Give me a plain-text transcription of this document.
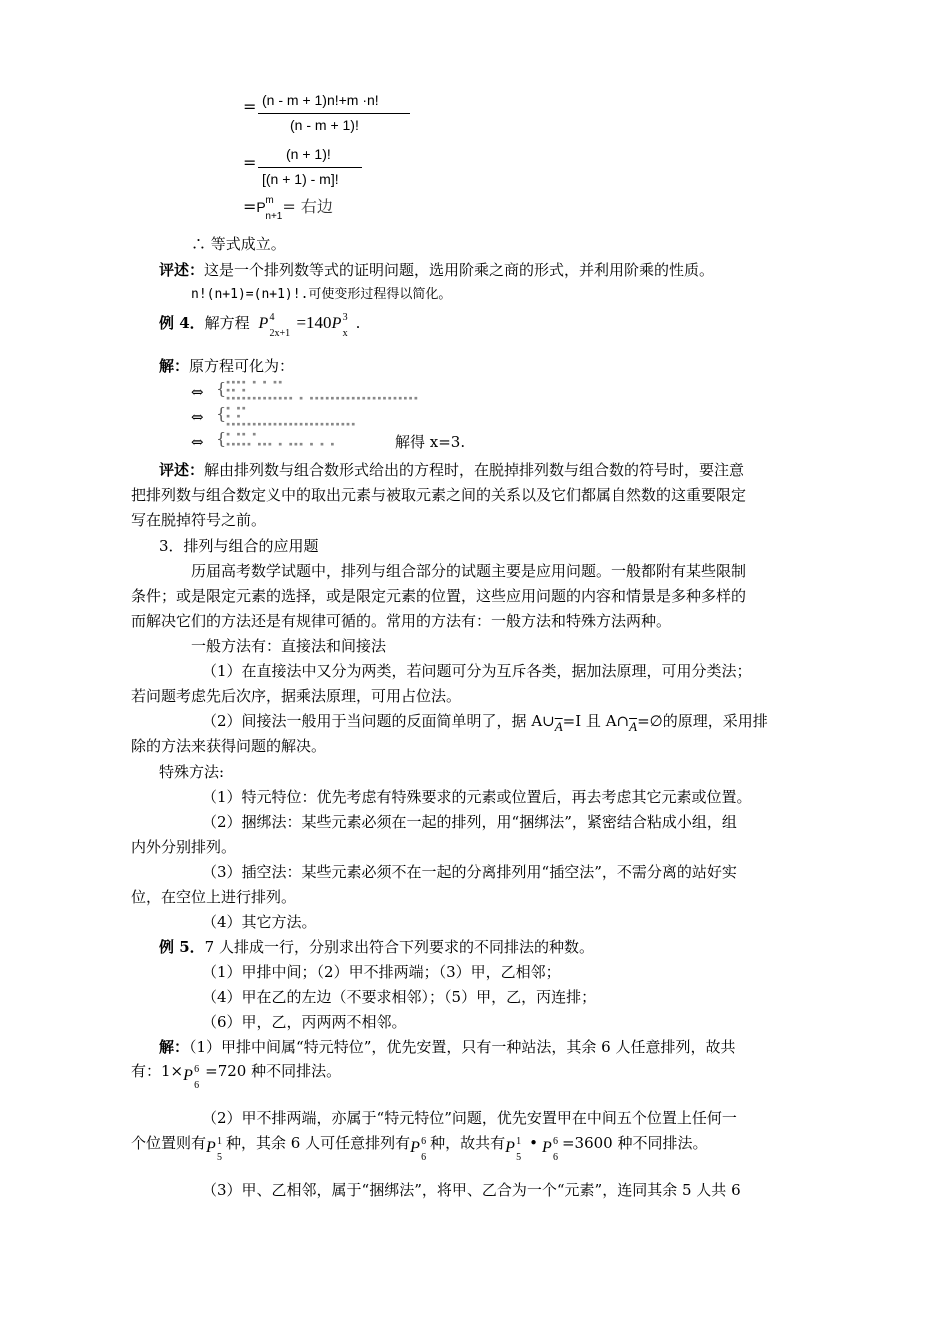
= (n - m + 1)n!+m ·n!
(n - m + 1)!
= (n + 1)!
[(n + 1) - m]!
=P m
n+1
= 右边
∴ 等式成立。
评述：这是一个排列数等式的证明问题，选用阶乘之商的形式，并利用阶乘的性质。
n!(n+1)=(n+1)!.可使变形过程得以简化。
例 4．解方程 P 4
2x+1
=140P 3
x
.
解：原方程可化为：
⇔ { ▪▪▪▪ ▪ ▪ ▪▪
▪▪ ▪
▪▪▪▪▪▪▪▪▪▪▪▪▪ ▪ ▪▪▪▪▪▪▪▪▪▪▪▪▪▪▪▪▪▪▪▪▪
⇔ { ▪ ▪▪
▪ ▪
▪▪▪▪▪▪▪▪▪▪▪▪▪▪▪▪▪▪▪▪▪▪▪▪▪
⇔ { ▪ ▪▪ ▪
▪▪▪▪▪ ▪▪▪ ▪ ▪▪▪ ▪ ▪ ▪	解得 x=3.
评述：解由排列数与组合数形式给出的方程时，在脱掉排列数与组合数的符号时，要注意
把排列数与组合数定义中的取出元素与被取元素之间的关系以及它们都属自然数的这重要限定
写在脱掉符号之前。
3．排列与组合的应用题
历届高考数学试题中，排列与组合部分的试题主要是应用问题。一般都附有某些限制
条件；或是限定元素的选择，或是限定元素的位置，这些应用问题的内容和情景是多种多样的
而解决它们的方法还是有规律可循的。常用的方法有：一般方法和特殊方法两种。
一般方法有：直接法和间接法
（1）在直接法中又分为两类，若问题可分为互斥各类，据加法原理，可用分类法；
若问题考虑先后次序，据乘法原理，可用占位法。
（2）间接法一般用于当问题的反面简单明了，据 $A\cup\overline{A}=I$ 且 $A\cap\overline{A}=\emptyset$的原理，采用排
除的方法来获得问题的解决。
特殊方法:
（1）特元特位：优先考虑有特殊要求的元素或位置后，再去考虑其它元素或位置。
（2）捆绑法：某些元素必须在一起的排列，用“捆绑法”，紧密结合粘成小组，组
内外分别排列。
（3）插空法：某些元素必须不在一起的分离排列用“插空法”，不需分离的站好实
位，在空位上进行排列。
（4）其它方法。
例 5．7 人排成一行，分别求出符合下列要求的不同排法的种数。
（1）甲排中间；（2）甲不排两端；（3）甲，乙相邻；
（4）甲在乙的左边（不要求相邻）；（5）甲，乙，丙连排；
（6）甲，乙，丙两两不相邻。
解：（1）甲排中间属“特元特位”，优先安置，只有一种站法，其余 6 人任意排列，故共
有：1×P 6
6
=720 种不同排法。
（2）甲不排两端，亦属于“特元特位”问题，优先安置甲在中间五个位置上任何一
个位置则有P 1
5
种，其余 6 人可任意排列有P 6
6
种，故共有P 1
5
• P 6
6
=3600 种不同排法。
（3）甲、乙相邻，属于“捆绑法”，将甲、乙合为一个“元素”，连同其余 5 人共 6
